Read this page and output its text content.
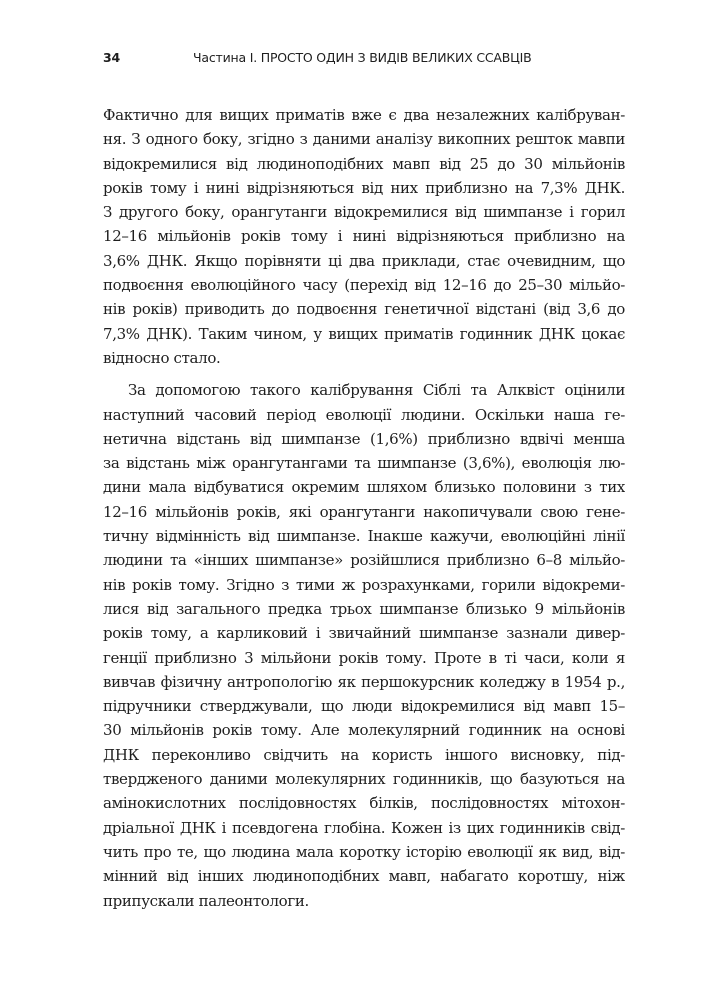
34	Частина І. ПРОСТО ОДИН З ВИДІВ ВЕЛИКИХ ССАВЦІВ
Фактично для вищих приматів вже є два незалежних калібруван-
ня. З одного боку, згідно з даними аналізу викопних решток мавпи
відокремилися від людиноподібних мавп від 25 до 30 мільйонів
років тому і нині відрізняються від них приблизно на 7,3% ДНК.
З другого боку, орангутанги відокремилися від шимпанзе і горил
12–16 мільйонів років тому і нині відрізняються приблизно на
3,6% ДНК. Якщо порівняти ці два приклади, стає очевидним, що
подвоєння еволюційного часу (перехід від 12–16 до 25–30 мільйо-
нів років) приводить до подвоєння генетичної відстані (від 3,6 до
7,3% ДНК). Таким чином, у вищих приматів годинник ДНК цокає
відносно стало.
За допомогою такого калібрування Сіблі та Алквіст оцінили
наступний часовий період еволюції людини. Оскільки наша ге-
нетична відстань від шимпанзе (1,6%) приблизно вдвічі менша
за відстань між орангутангами та шимпанзе (3,6%), еволюція лю-
дини мала відбуватися окремим шляхом близько половини з тих
12–16 мільйонів років, які орангутанги накопичували свою гене-
тичну відмінність від шимпанзе. Інакше кажучи, еволюційні лінії
людини та «інших шимпанзе» розійшлися приблизно 6–8 мільйо-
нів років тому. Згідно з тими ж розрахунками, горили відокреми-
лися від загального предка трьох шимпанзе близько 9 мільйонів
років тому, а карликовий і звичайний шимпанзе зазнали дивер-
генції приблизно 3 мільйони років тому. Проте в ті часи, коли я
вивчав фізичну антропологію як першокурсник коледжу в 1954 р.,
підручники стверджували, що люди відокремилися від мавп 15–
30 мільйонів років тому. Але молекулярний годинник на основі
ДНК переконливо свідчить на користь іншого висновку, під-
твердженого даними молекулярних годинників, що базуються на
амінокислотних послідовностях білків, послідовностях мітохон-
дріальної ДНК і псевдогена глобіна. Кожен із цих годинників свід-
чить про те, що людина мала коротку історію еволюції як вид, від-
мінний від інших людиноподібних мавп, набагато коротшу, ніж
припускали палеонтологи.
